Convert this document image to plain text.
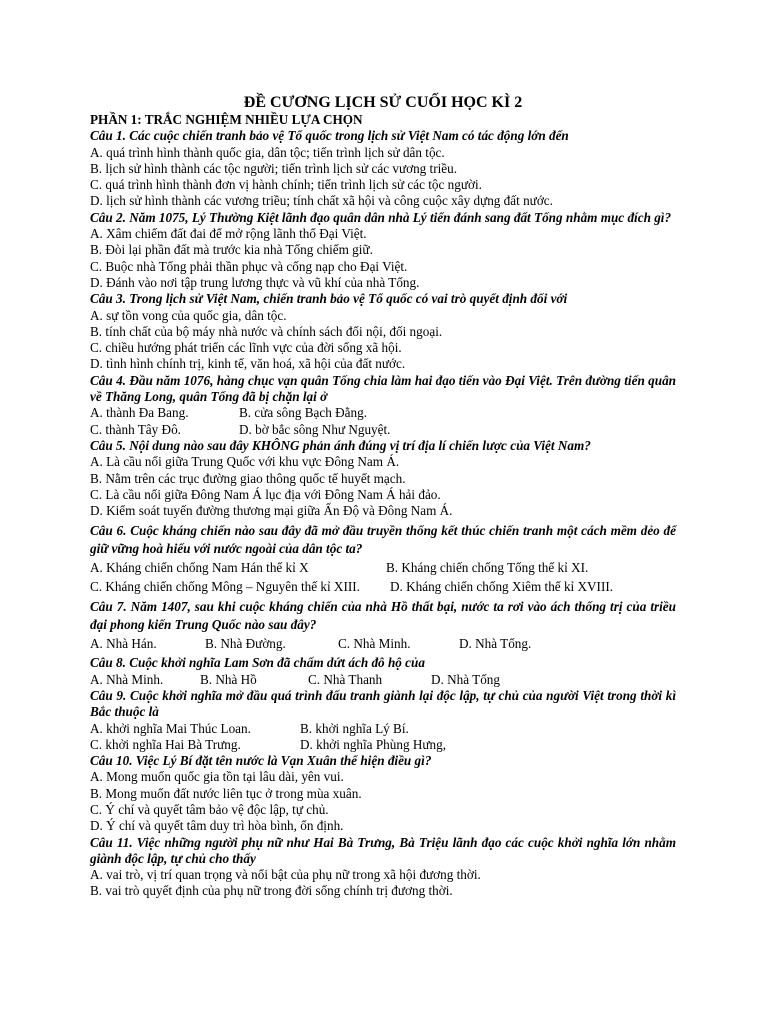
ĐỀ CƯƠNG LỊCH SỬ CUỐI HỌC KÌ 2
PHẦN 1: TRẮC NGHIỆM NHIỀU LỰA CHỌN
Câu 1. Các cuộc chiến tranh bảo vệ Tổ quốc trong lịch sử Việt Nam có tác động lớn đến
A. quá trình hình thành quốc gia, dân tộc; tiến trình lịch sử dân tộc.
B. lịch sử hình thành các tộc người; tiến trình lịch sử các vương triều.
C. quá trình hình thành đơn vị hành chính; tiến trình lịch sử các tộc người.
D. lịch sử hình thành các vương triều; tính chất xã hội và công cuộc xây dựng đất nước.
Câu 2. Năm 1075, Lý Thường Kiệt lãnh đạo quân dân nhà Lý tiến đánh sang đất Tống nhằm mục đích gì?
A. Xâm chiếm đất đai để mở rộng lãnh thổ Đại Việt.
B. Đòi lại phần đất mà trước kia nhà Tống chiếm giữ.
C. Buộc nhà Tống phải thần phục và cống nạp cho Đại Việt.
D. Đánh vào nơi tập trung lương thực và vũ khí của nhà Tống.
Câu 3. Trong lịch sử Việt Nam, chiến tranh bảo vệ Tổ quốc có vai trò quyết định đối với
A. sự tồn vong của quốc gia, dân tộc.
B. tính chất của bộ máy nhà nước và chính sách đối nội, đối ngoại.
C. chiều hướng phát triển các lĩnh vực của đời sống xã hội.
D. tình hình chính trị, kinh tế, văn hoá, xã hội của đất nước.
Câu 4. Đầu năm 1076, hàng chục vạn quân Tống chia làm hai đạo tiến vào Đại Việt. Trên đường tiến quân về Thăng Long, quân Tống đã bị chặn lại ở
A. thành Đa Bang.	B. cửa sông Bạch Đằng.
C. thành Tây Đô.	D. bờ bắc sông Như Nguyệt.
Câu 5. Nội dung nào sau đây KHÔNG phản ánh đúng vị trí địa lí chiến lược của Việt Nam?
A. Là cầu nối giữa Trung Quốc với khu vực Đông Nam Á.
B. Nằm trên các trục đường giao thông quốc tế huyết mạch.
C. Là cầu nối giữa Đông Nam Á lục địa với Đông Nam Á hải đảo.
D. Kiểm soát tuyến đường thương mại giữa Ấn Độ và Đông Nam Á.
Câu 6. Cuộc kháng chiến nào sau đây đã mở đầu truyền thống kết thúc chiến tranh một cách mềm dẻo để giữ vững hoà hiếu với nước ngoài của dân tộc ta?
A. Kháng chiến chống Nam Hán thế kỉ X	B. Kháng chiến chống Tống thế kỉ XI.
C. Kháng chiến chống Mông – Nguyên thế kỉ XIII.	D. Kháng chiến chống Xiêm thế kỉ XVIII.
Câu 7. Năm 1407, sau khi cuộc kháng chiến của nhà Hồ thất bại, nước ta rơi vào ách thống trị của triều đại phong kiến Trung Quốc nào sau đây?
A. Nhà Hán.	B. Nhà Đường.	C. Nhà Minh.	D. Nhà Tống.
Câu 8. Cuộc khởi nghĩa Lam Sơn đã chấm dứt ách đô hộ của
A. Nhà Minh.	B. Nhà Hồ	C. Nhà Thanh	D. Nhà Tống
Câu 9. Cuộc khởi nghĩa mở đầu quá trình đấu tranh giành lại độc lập, tự chủ của người Việt trong thời kì Bắc thuộc là
A. khởi nghĩa Mai Thúc Loan.	B. khởi nghĩa Lý Bí.
C. khởi nghĩa Hai Bà Trưng.	D. khởi nghĩa Phùng Hưng,
Câu 10. Việc Lý Bí đặt tên nước là Vạn Xuân thể hiện điều gì?
A. Mong muốn quốc gia tồn tại lâu dài, yên vui.
B. Mong muốn đất nước liên tục ở trong mùa xuân.
C. Ý chí và quyết tâm bảo vệ độc lập, tự chủ.
D. Ý chí và quyết tâm duy trì hòa bình, ổn định.
Câu 11. Việc những người phụ nữ như Hai Bà Trưng, Bà Triệu lãnh đạo các cuộc khởi nghĩa lớn nhằm giành độc lập, tự chủ cho thấy
A. vai trò, vị trí quan trọng và nổi bật của phụ nữ trong xã hội đương thời.
B. vai trò quyết định của phụ nữ trong đời sống chính trị đương thời.
